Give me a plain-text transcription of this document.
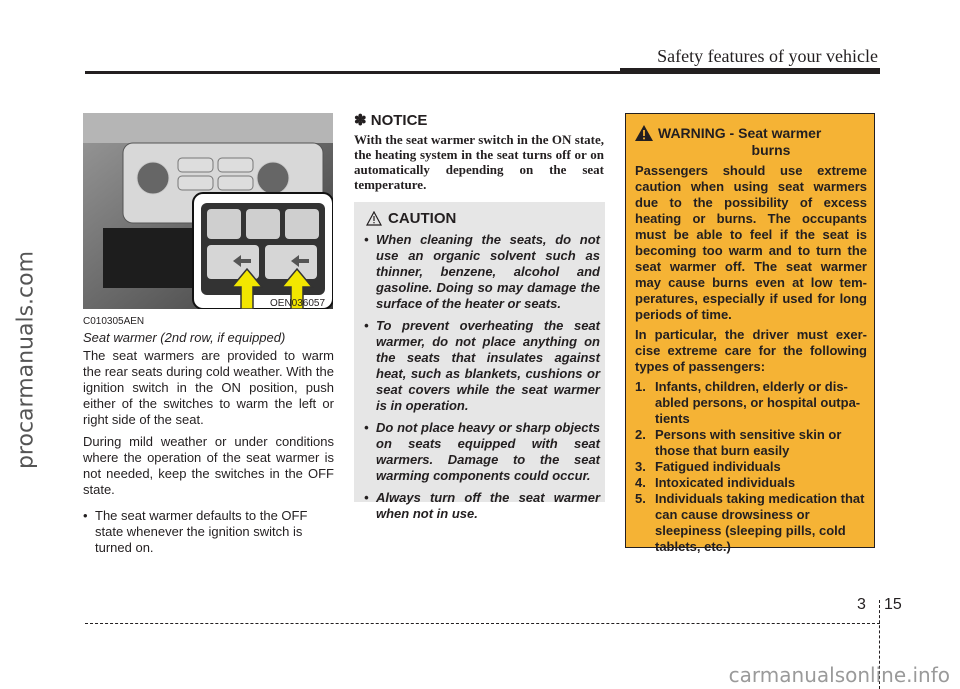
Safety features of your vehicle
procarmanuals.com	OEN036057
C010305AEN
Seat warmer (2nd row, if equipped)

The seat warmers are provided to warm the rear seats during cold weather. With the ignition switch in the ON position, push either of the switches to warm the left or right side of the seat.

During mild weather or under conditions where the operation of the seat warmer is not needed, keep the switches in the OFF state.

• The seat warmer defaults to the OFF state whenever the ignition switch is turned on.
✽ NOTICE
With the seat warmer switch in the ON state, the heating system in the seat turns off or on automatically depending on the seat temperature.
CAUTION
• When cleaning the seats, do not use an organic solvent such as thinner, benzene, alcohol and gasoline. Doing so may damage the surface of the heater or seats.
• To prevent overheating the seat warmer, do not place anything on the seats that insulates against heat, such as blankets, cushions or seat covers while the seat warmer is in operation.
• Do not place heavy or sharp objects on seats equipped with seat warmers. Damage to the seat warming components could occur.
• Always turn off the seat warmer when not in use.
WARNING - Seat warmer
burns

Passengers should use extreme caution when using seat warmers due to the possibility of excess heating or burns. The occupants must be able to feel if the seat is becoming too warm and to turn the seat warmer off. The seat warmer may cause burns even at low tem-peratures, especially if used for long periods of time.

In particular, the driver must exer-cise extreme care for the following types of passengers:

1. Infants, children, elderly or dis-abled persons, or hospital outpa-tients
2. Persons with sensitive skin or those that burn easily
3. Fatigued individuals
4. Intoxicated individuals
5. Individuals taking medication that can cause drowsiness or sleepiness (sleeping pills, cold tablets, etc.)
3 15
carmanualsonline.info
